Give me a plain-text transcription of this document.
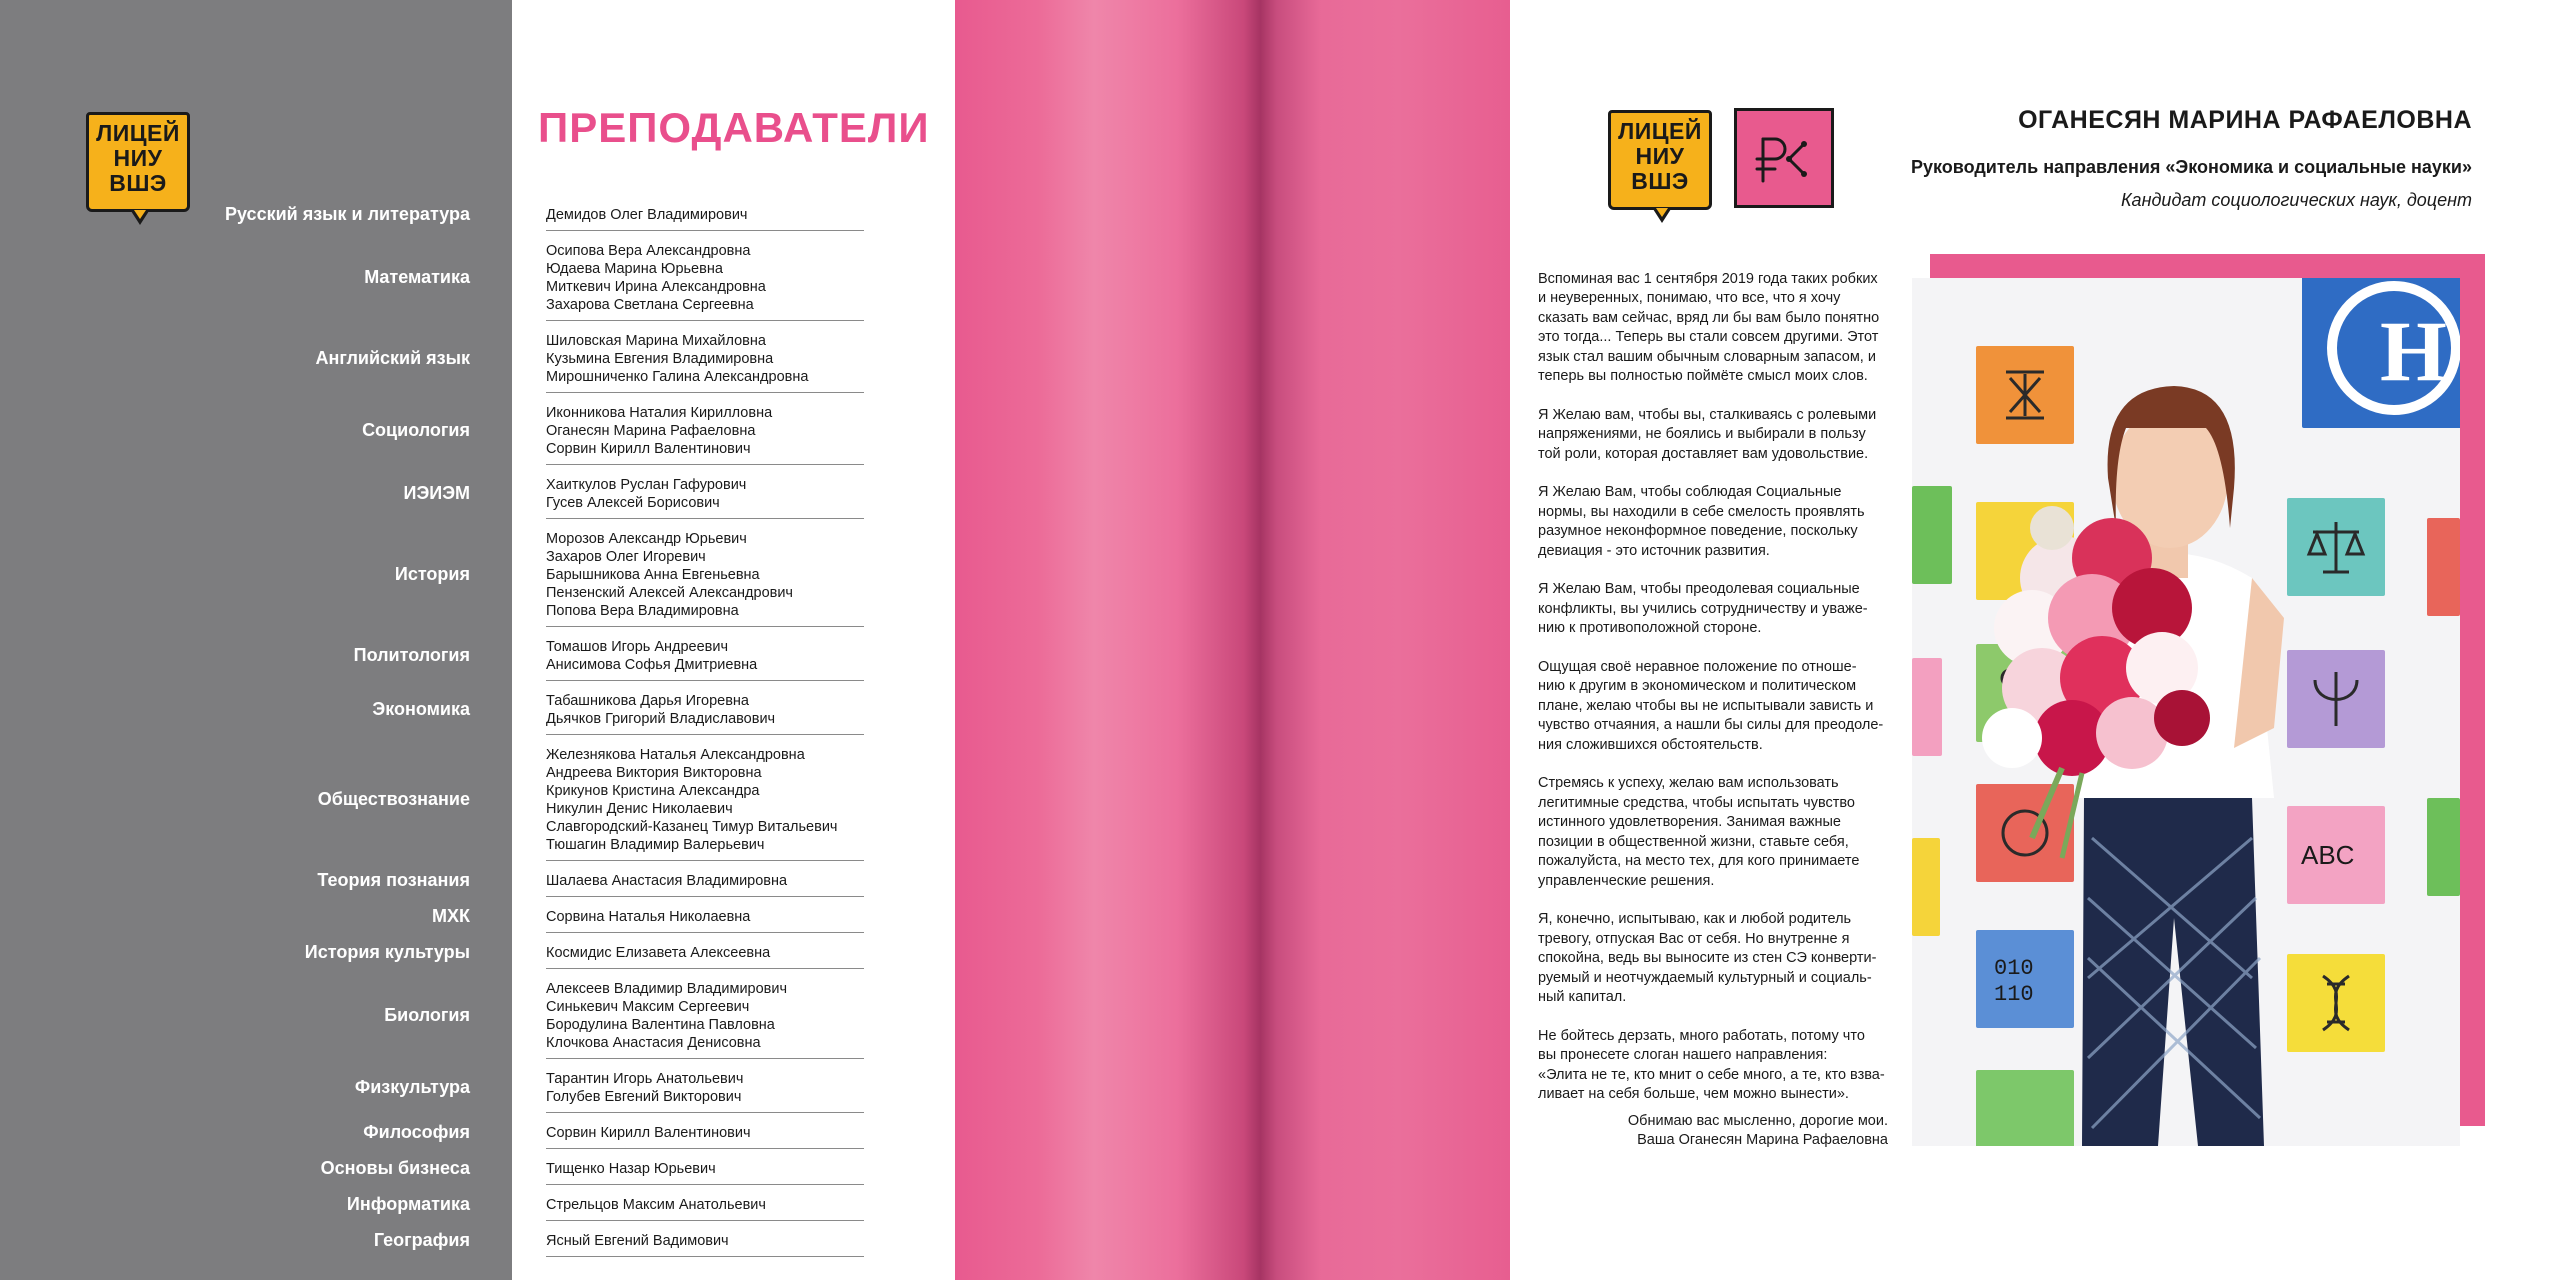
ЛИЦЕЙ
НИУ
ВШЭ
ПРЕПОДАВАТЕЛИ
Демидов Олег Владимирович
Русский язык и литература
Осипова Вера Александровна
Юдаева Марина Юрьевна
Миткевич Ирина Александровна
Захарова Светлана Сергеевна
Математика
Шиловская Марина Михайловна
Кузьмина Евгения Владимировна
Мирошниченко Галина Александровна
Английский язык
Иконникова Наталия Кирилловна
Оганесян Марина Рафаеловна
Сорвин Кирилл Валентинович
Социология
Хаиткулов Руслан Гафурович
Гусев Алексей Борисович
ИЭИЭМ
Морозов Александр Юрьевич
Захаров Олег Игоревич
Барышникова Анна Евгеньевна
Пензенский Алексей Александрович
Попова Вера Владимировна
История
Томашов Игорь Андреевич
Анисимова Софья Дмитриевна
Политология
Табашникова Дарья Игоревна
Дьячков Григорий Владиславович
Экономика
Железнякова Наталья Александровна
Андреева Виктория Викторовна
Крикунов Кристина Александра
Никулин Денис Николаевич
Славгородский-Казанец Тимур Витальевич
Тюшагин Владимир Валерьевич
Обществознание
Шалаева Анастасия Владимировна
Теория познания
Сорвина Наталья Николаевна
МХК
Космидис Елизавета Алексеевна
История культуры
Алексеев Владимир Владимирович
Синькевич Максим Сергеевич
Бородулина Валентина Павловна
Клочкова Анастасия Денисовна
Биология
Тарантин Игорь Анатольевич
Голубев Евгений Викторович
Физкультура
Сорвин Кирилл Валентинович
Философия
Тищенко Назар Юрьевич
Основы бизнеса
Стрельцов Максим Анатольевич
Информатика
Ясный Евгений Вадимович
География
ЛИЦЕЙ
НИУ
ВШЭ
ОГАНЕСЯН МАРИНА РАФАЕЛОВНА
Руководитель направления «Экономика и социальные науки»
Кандидат социологических наук, доцент

Вспоминая вас 1 сентября 2019 года таких робких
и неуверенных, понимаю, что все, что я хочу
сказать вам сейчас, вряд ли бы вам было понятно
это тогда... Теперь вы стали совсем другими. Этот
язык стал вашим обычным словарным запасом, и
теперь вы полностью поймёте смысл моих слов.

Я Желаю вам, чтобы вы, сталкиваясь с ролевыми
напряжениями, не боялись и выбирали в пользу
той роли, которая доставляет вам удовольствие.

Я Желаю Вам, чтобы соблюдая Социальные
нормы, вы находили в себе смелость проявлять
разумное неконформное поведение, поскольку
девиация - это источник развития.

Я Желаю Вам, чтобы преодолевая социальные
конфликты, вы учились сотрудничеству и уваже-
нию к противоположной стороне.

Ощущая своё неравное положение по отноше-
нию к другим в экономическом и политическом
плане, желаю чтобы вы не испытывали зависть и
чувство отчаяния, а нашли бы силы для преодоле-
ния сложившихся обстоятельств.

Стремясь к успеху, желаю вам использовать
легитимные средства, чтобы испытать чувство
истинного удовлетворения. Занимая важные
позиции в общественной жизни, ставьте себя,
пожалуйста, на место тех, для кого принимаете
управленческие решения.

Я, конечно, испытываю, как и любой родитель
тревогу, отпуская Вас от себя. Но внутренне я
спокойна, ведь вы выносите из стен СЭ конверти-
руемый и неотчуждаемый культурный и социаль-
ный капитал.

Не бойтесь дерзать, много работать, потому что
вы пронесете слоган нашего направления:
«Элита не те, кто мнит о себе много, а те, кто взва-
ливает на себя больше, чем можно вынести».

Обнимаю вас мысленно, дорогие мои.
Ваша Оганесян Марина Рафаеловна
010
110
Н
ABC
